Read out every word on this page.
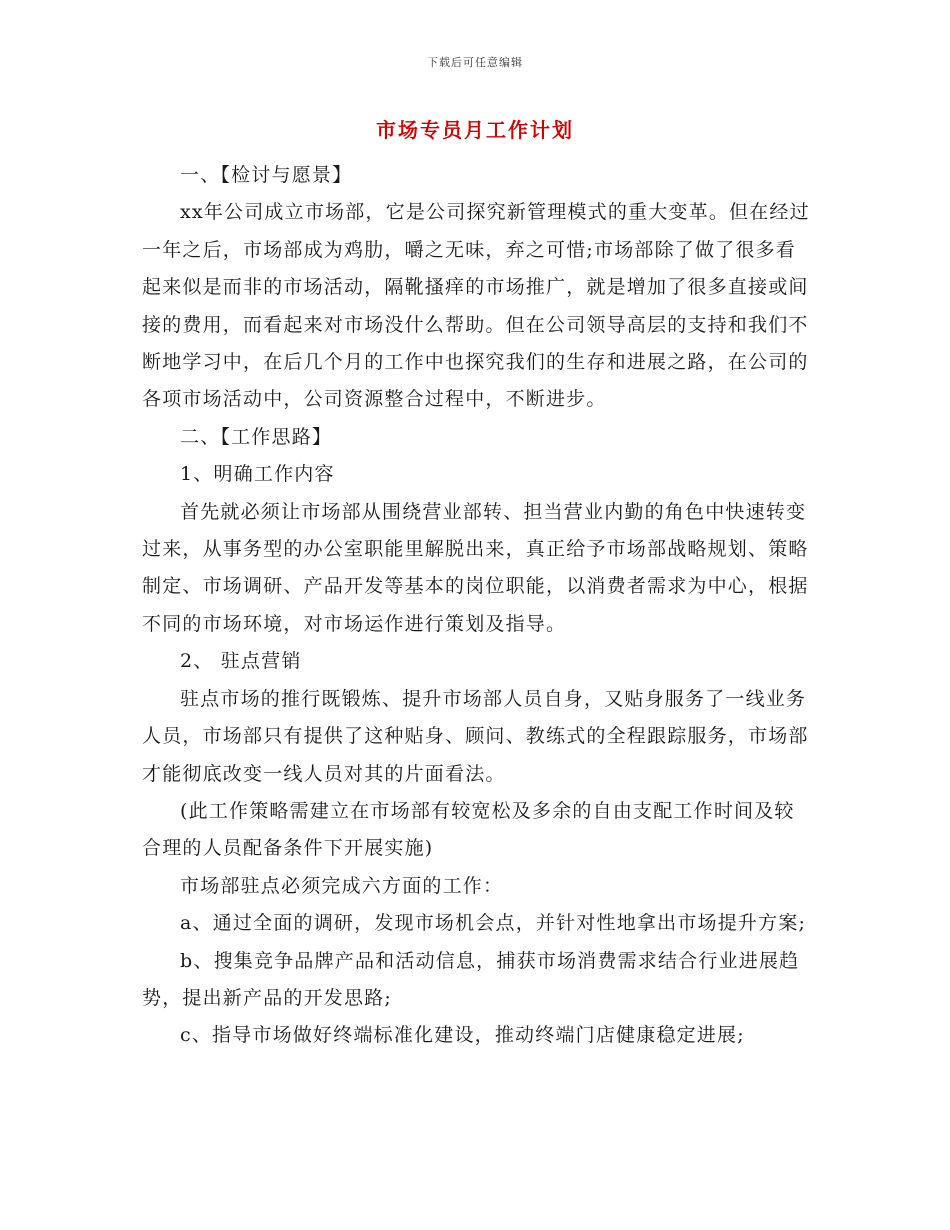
下载后可任意编辑
市场专员月工作计划

一、【检讨与愿景】

xx年公司成立市场部，它是公司探究新管理模式的重大变革。但在经过一年之后，市场部成为鸡肋，嚼之无味，弃之可惜;市场部除了做了很多看起来似是而非的市场活动，隔靴搔痒的市场推广，就是增加了很多直接或间接的费用，而看起来对市场没什么帮助。但在公司领导高层的支持和我们不断地学习中，在后几个月的工作中也探究我们的生存和进展之路，在公司的各项市场活动中，公司资源整合过程中，不断进步。

二、【工作思路】

1、明确工作内容

首先就必须让市场部从围绕营业部转、担当营业内勤的角色中快速转变过来，从事务型的办公室职能里解脱出来，真正给予市场部战略规划、策略制定、市场调研、产品开发等基本的岗位职能，以消费者需求为中心，根据不同的市场环境，对市场运作进行策划及指导。

2、 驻点营销

驻点市场的推行既锻炼、提升市场部人员自身，又贴身服务了一线业务人员，市场部只有提供了这种贴身、顾问、教练式的全程跟踪服务，市场部才能彻底改变一线人员对其的片面看法。

(此工作策略需建立在市场部有较宽松及多余的自由支配工作时间及较合理的人员配备条件下开展实施)

市场部驻点必须完成六方面的工作：

a、通过全面的调研，发现市场机会点，并针对性地拿出市场提升方案;

b、搜集竞争品牌产品和活动信息，捕获市场消费需求结合行业进展趋势，提出新产品的开发思路;

c、指导市场做好终端标准化建设，推动终端门店健康稳定进展;
